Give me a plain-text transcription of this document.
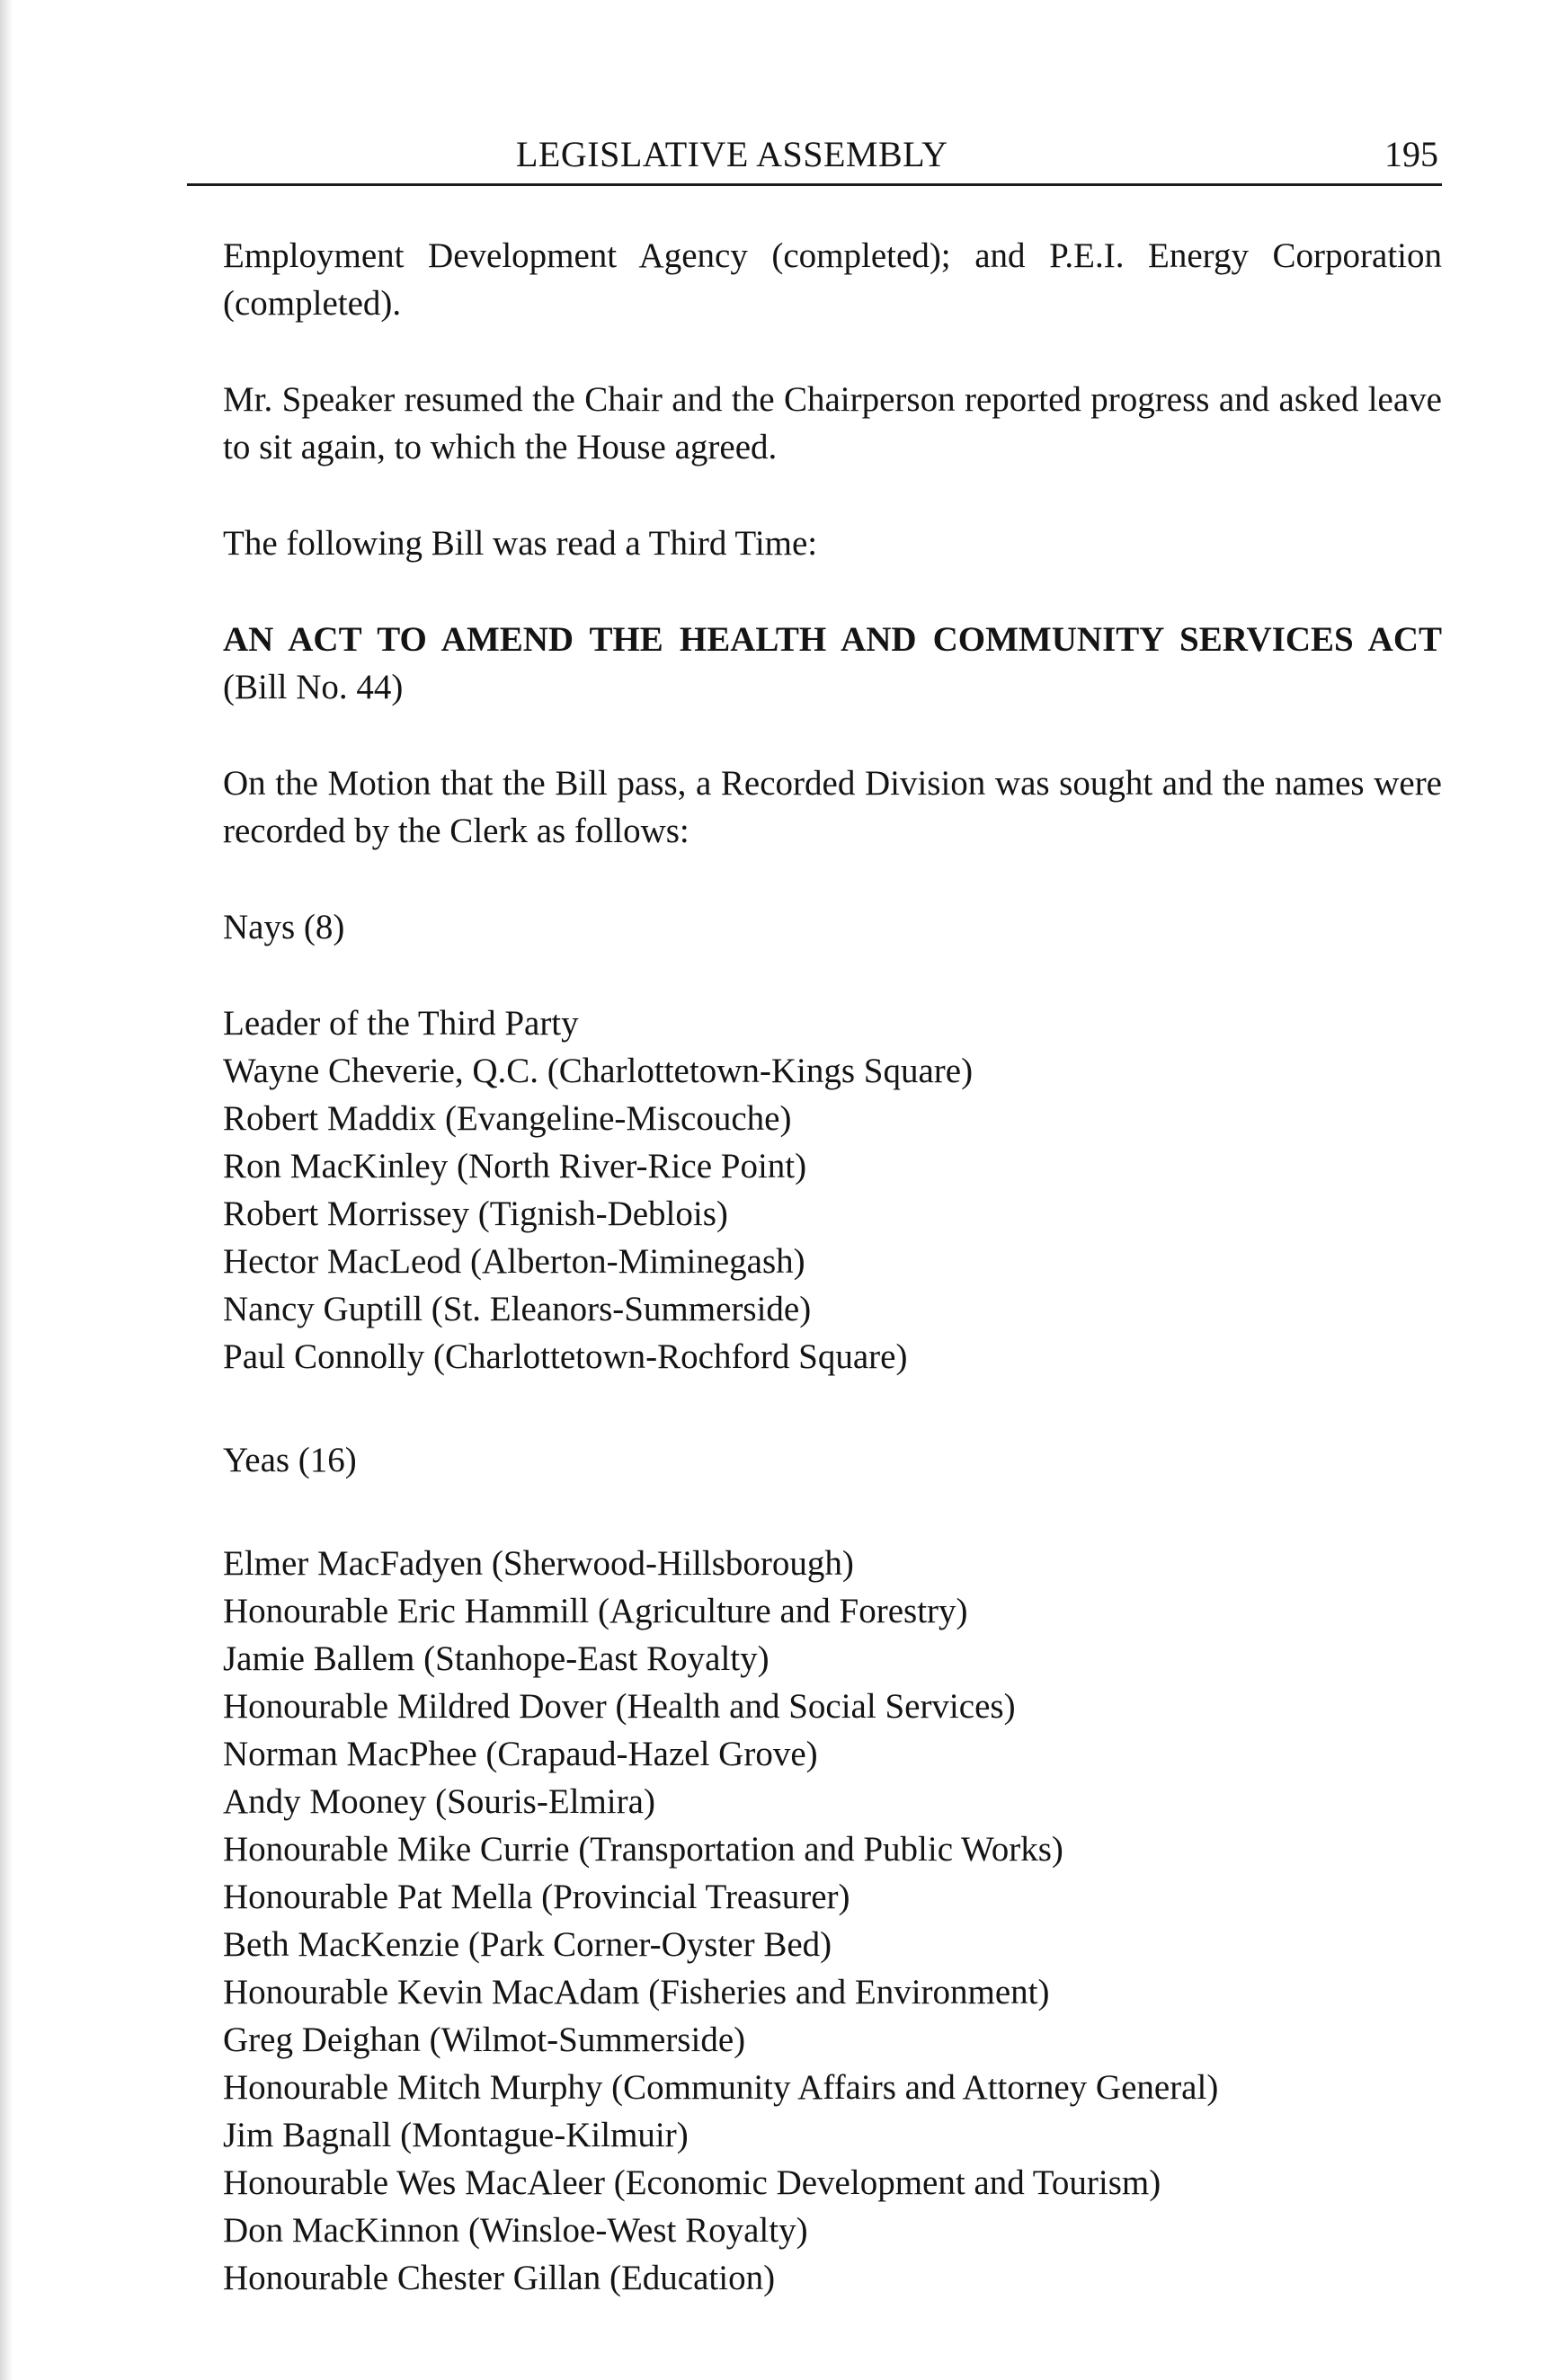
LEGISLATIVE ASSEMBLY	195

Employment Development Agency (completed); and P.E.I. Energy Corporation (completed).

Mr. Speaker resumed the Chair and the Chairperson reported progress and asked leave to sit again, to which the House agreed.

The following Bill was read a Third Time:

AN ACT TO AMEND THE HEALTH AND COMMUNITY SERVICES ACT (Bill No. 44)

On the Motion that the Bill pass, a Recorded Division was sought and the names were recorded by the Clerk as follows:

Nays (8)

Leader of the Third Party
Wayne Cheverie, Q.C. (Charlottetown-Kings Square)
Robert Maddix (Evangeline-Miscouche)
Ron MacKinley (North River-Rice Point)
Robert Morrissey (Tignish-Deblois)
Hector MacLeod (Alberton-Miminegash)
Nancy Guptill (St. Eleanors-Summerside)
Paul Connolly (Charlottetown-Rochford Square)

Yeas (16)

Elmer MacFadyen (Sherwood-Hillsborough)
Honourable Eric Hammill (Agriculture and Forestry)
Jamie Ballem (Stanhope-East Royalty)
Honourable Mildred Dover (Health and Social Services)
Norman MacPhee (Crapaud-Hazel Grove)
Andy Mooney (Souris-Elmira)
Honourable Mike Currie (Transportation and Public Works)
Honourable Pat Mella (Provincial Treasurer)
Beth MacKenzie (Park Corner-Oyster Bed)
Honourable Kevin MacAdam (Fisheries and Environment)
Greg Deighan (Wilmot-Summerside)
Honourable Mitch Murphy (Community Affairs and Attorney General)
Jim Bagnall (Montague-Kilmuir)
Honourable Wes MacAleer (Economic Development and Tourism)
Don MacKinnon (Winsloe-West Royalty)
Honourable Chester Gillan (Education)
